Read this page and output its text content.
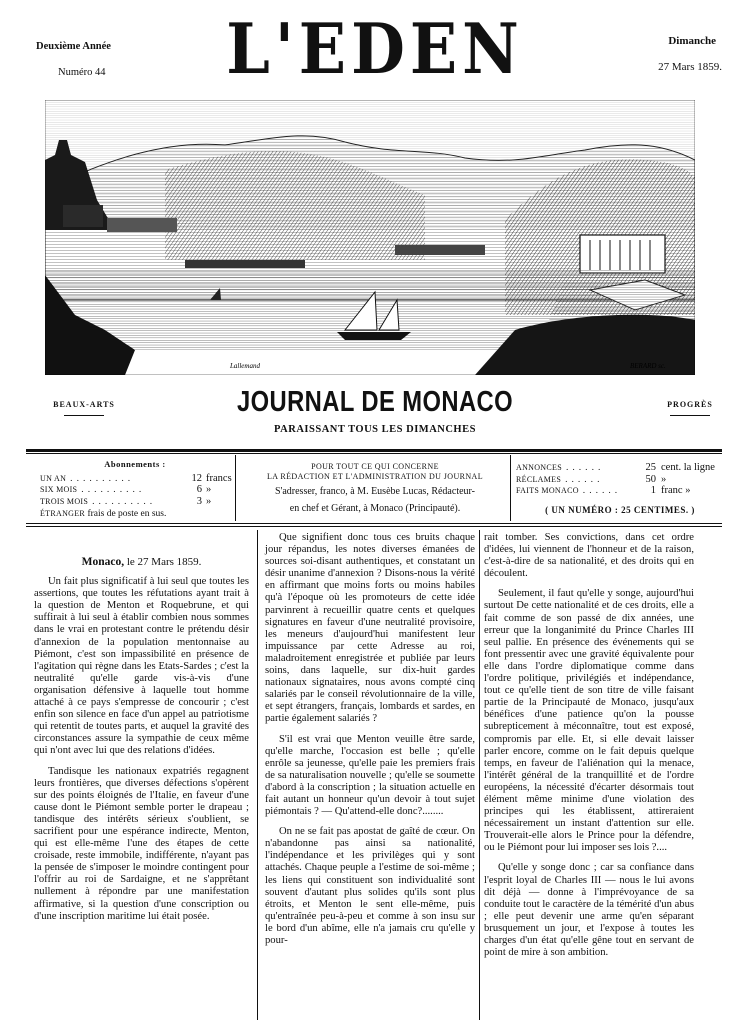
Deuxième Année
Numéro 44 L'EDEN	Dimanche
27 Mars 1859.
Lallemand	BERARD sc.
BEAUX-ARTS	JOURNAL DE MONACO
PARAISSANT TOUS LES DIMANCHES
PROGRÈS
Abonnements :
UN AN ..........	12 francs
SIX MOIS ..........	6 »
TROIS MOIS ..........	3 »
ÉTRANGER frais de poste en sus.
POUR TOUT CE QUI CONCERNE
LA RÉDACTION ET L'ADMINISTRATION DU JOURNAL
S'adresser, franco, à M. Eusèbe Lucas, Rédacteur-
en chef et Gérant, à Monaco (Principauté).
ANNONCES ......	25 cent. la ligne
RÉCLAMES ......	50 »
FAITS MONACO ......	1 franc »
( UN NUMÉRO : 25 CENTIMES. )

Monaco, le 27 Mars 1859.

Un fait plus significatif à lui seul que toutes les assertions, que toutes les réfutations ayant trait à la question de Menton et Roquebrune, et qui suffirait à lui seul à établir combien nous sommes dans le vrai en protestant contre le prétendu désir d'annexion de la population mentonnaise au Piémont, c'est son impassibilité en présence de l'agitation qui règne dans les Etats-Sardes ; c'est la neutralité qu'elle garde vis-à-vis d'une organisation défensive à laquelle tout homme attaché à ce pays s'empresse de concourir ; c'est enfin son silence en face d'un appel au patriotisme qui retentit de toutes parts, et auquel la gravité des circonstances assure la sympathie de ceux même qui n'ont avec lui que des relations d'idées.

Tandisque les nationaux expatriés regagnent leurs frontières, que diverses défections s'opèrent sur des points éloignés de l'Italie, en faveur d'une cause dont le Piémont semble porter le drapeau ; tandisque des intérêts sérieux s'oublient, se sacrifient pour une espérance indirecte, Menton, qui est elle-même l'une des étapes de cette croisade, reste immobile, indifférente, n'ayant pas la pensée de s'imposer le moindre contingent pour l'offrir au roi de Sardaigne, et ne s'apprêtant nullement à répondre par une manifestation affirmative, si la question d'une conscription ou d'une inscription maritime lui était posée.

Que signifient donc tous ces bruits chaque jour répandus, les notes diverses émanées de sources soi-disant authentiques, et constatant un désir unanime d'annexion ? Disons-nous la vérité en affirmant que moins forts ou moins habiles qu'à l'époque où les promoteurs de cette idée parvinrent à recueillir quatre cents et quelques signatures en faveur d'une neutralité provisoire, les meneurs d'aujourd'hui manifestent leur impuissance par cette Adresse au roi, maladroitement enregistrée et publiée par leurs soins, dans laquelle, sur dix-huit gardes nationaux signataires, nous avons compté cinq salariés par le conseil révolutionnaire de la ville, et sept étrangers, français, lombards et sardes, en partie également salariés ?

S'il est vrai que Menton veuille être sarde, qu'elle marche, l'occasion est belle ; qu'elle enrôle sa jeunesse, qu'elle paie les premiers frais de sa naturalisation nouvelle ; qu'elle se soumette d'abord à la conscription ; la situation actuelle en fait autant un honneur qu'un devoir à tout sujet piémontais ? — Qu'attend-elle donc?........

On ne se fait pas apostat de gaîté de cœur. On n'abandonne pas ainsi sa nationalité, l'indépendance et les privilèges qui y sont attachés. Chaque peuple a l'estime de soi-même ; les liens qui constituent son individualité sont souvent d'autant plus solides qu'ils sont plus étroits, et Menton le sent elle-même, puis qu'entraînée peu-à-peu et comme à son insu sur le bord d'un abîme, elle n'a jamais cru qu'elle y pour-

rait tomber. Ses convictions, dans cet ordre d'idées, lui viennent de l'honneur et de la raison, c'est-à-dire de sa nationalité, et des droits qui en découlent.

Seulement, il faut qu'elle y songe, aujourd'hui surtout De cette nationalité et de ces droits, elle a fait comme de son passé de dix années, une erreur que la longanimité du Prince Charles III seul pallie. En présence des événements qui se font pressentir avec une gravité équivalente pour elle dans l'ordre diplomatique comme dans l'ordre politique, privilégiés et indépendance, tout ce qu'elle tient de son titre de ville faisant partie de la Principauté de Monaco, jusqu'aux bénéfices d'une patience qu'on la pousse subrepticement à méconnaître, tout est exposé, compromis par elle. Et, si elle devait laisser parler encore, comme on le fait depuis quelque temps, en faveur de l'aliénation qui la menace, l'intérêt général de la tranquillité et de l'ordre européens, la nécessité d'écarter désormais tout élément même minime d'une violation des principes qui les établissent, attireraient nécessairement un instant d'attention sur elle. Trouverait-elle alors le Prince pour la défendre, ou le Piémont pour lui imposer ses lois ?....

Qu'elle y songe donc ; car sa confiance dans l'esprit loyal de Charles III — nous le lui avons dit déjà — donne à l'imprévoyance de sa conduite tout le caractère de la témérité d'un abus ; elle peut devenir une arme qu'en séparant brusquement un jour, et l'expose à toutes les charges d'un état qu'elle gêne tout en servant de point de mire à son ambition.
